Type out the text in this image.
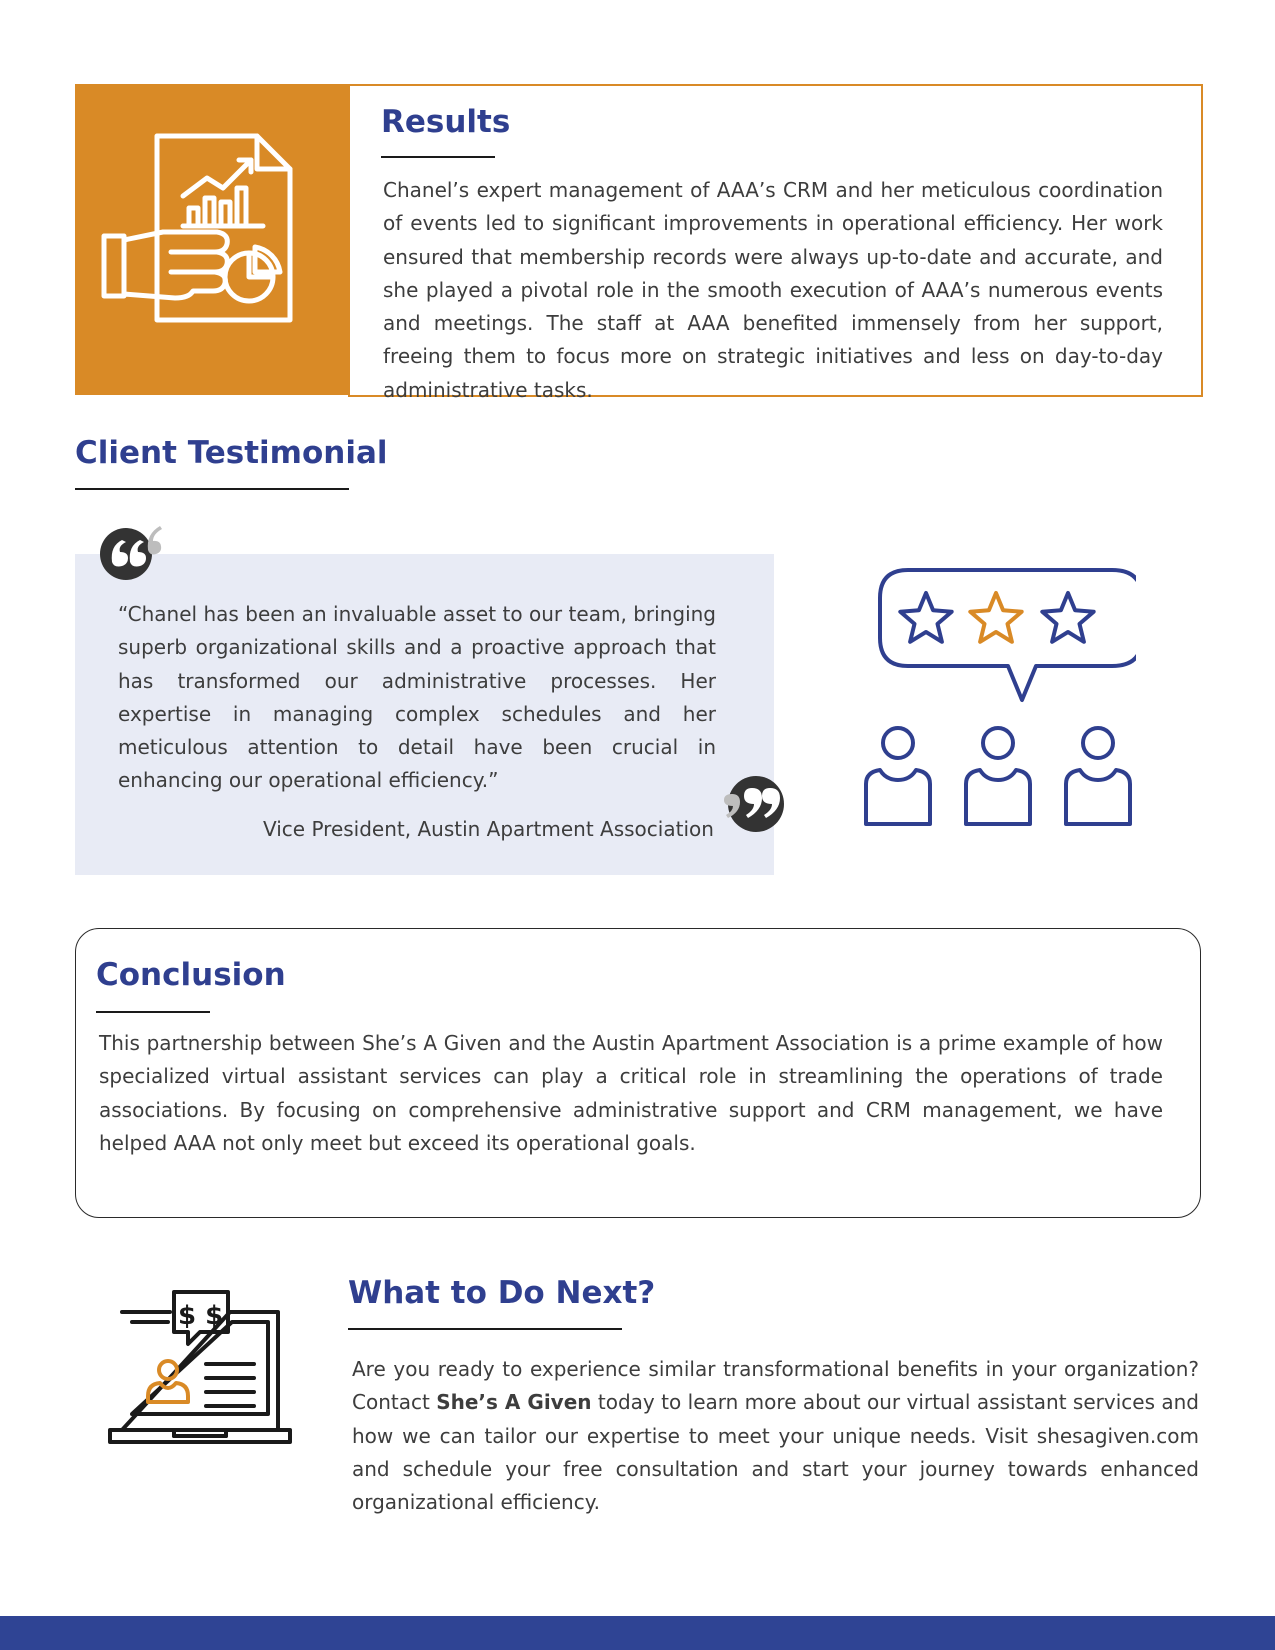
Results

Chanel’s expert management of AAA’s CRM and her meticulous coordination of events led to significant improvements in operational efficiency. Her work ensured that membership records were always up-to-date and accurate, and she played a pivotal role in the smooth execution of AAA’s numerous events and meetings. The staff at AAA benefited immensely from her support, freeing them to focus more on strategic initiatives and less on day-to-day administrative tasks.

Client Testimonial

“Chanel has been an invaluable asset to our team, bringing superb organizational skills and a proactive approach that has transformed our administrative processes. Her expertise in managing complex schedules and her meticulous attention to detail have been crucial in enhancing our operational efficiency.”

Vice President, Austin Apartment Association
Conclusion

This partnership between She’s A Given and the Austin Apartment Association is a prime example of how specialized virtual assistant services can play a critical role in streamlining the operations of trade associations. By focusing on comprehensive administrative support and CRM management, we have helped AAA not only meet but exceed its operational goals.

$ $
What to Do Next?

Are you ready to experience similar transformational benefits in your organization? Contact She’s A Given today to learn more about our virtual assistant services and how we can tailor our expertise to meet your unique needs. Visit shesagiven.com and schedule your free consultation and start your journey towards enhanced organizational efficiency.
